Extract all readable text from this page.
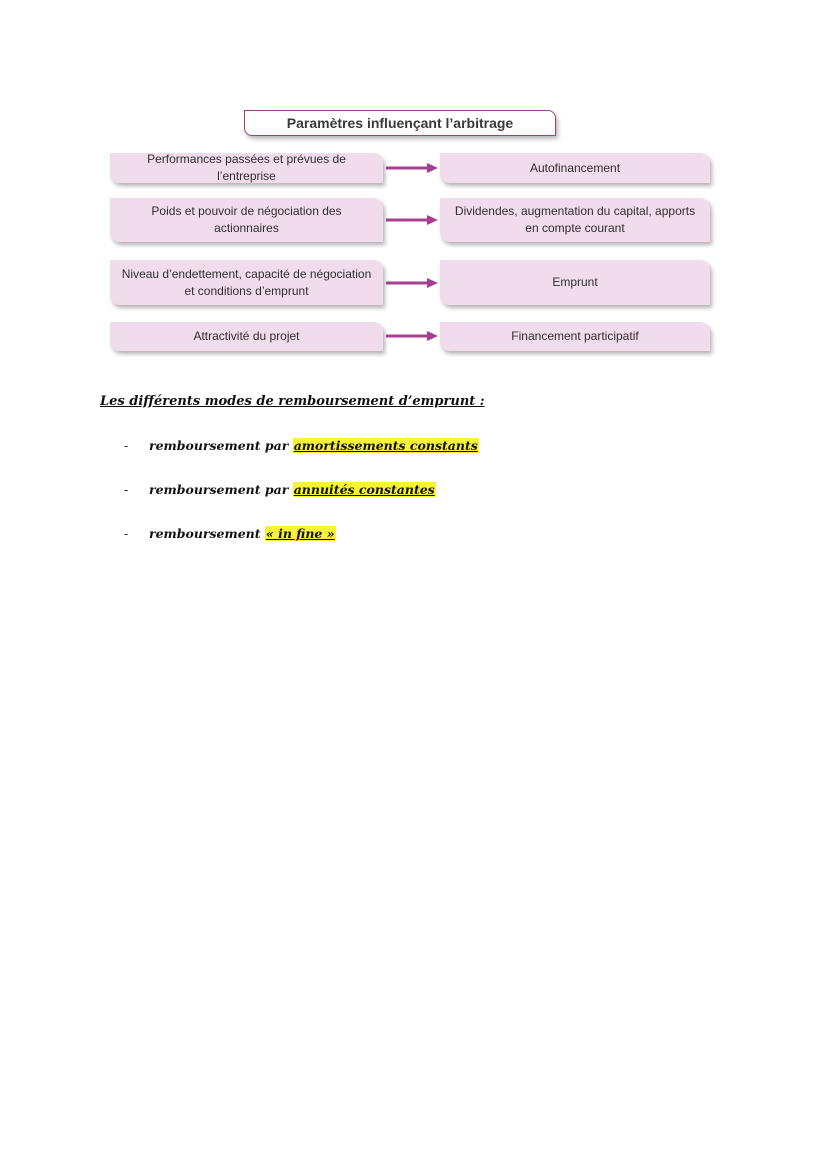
Paramètres influençant l’arbitrage
Performances passées et prévues de l’entreprise
Autofinancement
Poids et pouvoir de négociation des actionnaires
Dividendes, augmentation du capital, apports en compte courant
Niveau d’endettement, capacité de négociation et conditions d’emprunt
Emprunt
Attractivité du projet	Financement participatif
Les différents modes de remboursement d’emprunt :
- remboursement par amortissements constants
- remboursement par annuités constantes
- remboursement « in fine »
